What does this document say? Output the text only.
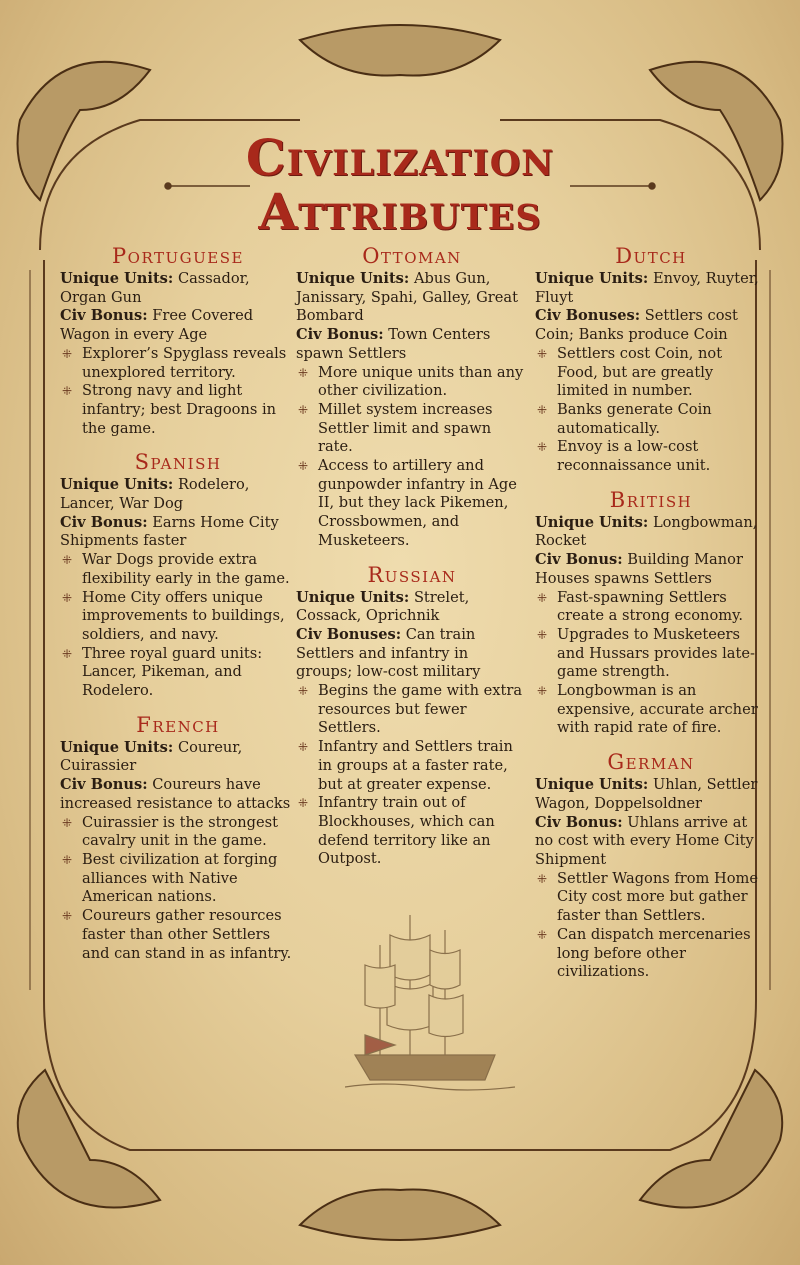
Civilization
Attributes
Portuguese

Unique Units: Cassador, Organ Gun

Civ Bonus: Free Covered Wagon in every Age

⁜ Explorer’s Spyglass reveals unexplored territory.

⁜ Strong navy and light infantry; best Dragoons in the game.

Spanish

Unique Units: Rodelero, Lancer, War Dog

Civ Bonus: Earns Home City Shipments faster

⁜ War Dogs provide extra flexibility early in the game.

⁜ Home City offers unique improvements to buildings, soldiers, and navy.

⁜ Three royal guard units: Lancer, Pikeman, and Rodelero.

French

Unique Units: Coureur, Cuirassier

Civ Bonus: Coureurs have increased resistance to attacks

⁜ Cuirassier is the strongest cavalry unit in the game.

⁜ Best civilization at forging alliances with Native American nations.

⁜ Coureurs gather resources faster than other Settlers and can stand in as infantry.

Ottoman

Unique Units: Abus Gun, Janissary, Spahi, Galley, Great Bombard

Civ Bonus: Town Centers spawn Settlers

⁜ More unique units than any other civilization.

⁜ Millet system increases Settler limit and spawn rate.

⁜ Access to artillery and gunpowder infantry in Age II, but they lack Pikemen, Crossbowmen, and Musketeers.

Russian

Unique Units: Strelet, Cossack, Oprichnik

Civ Bonuses: Can train Settlers and infantry in groups; low-cost military

⁜ Begins the game with extra resources but fewer Settlers.

⁜ Infantry and Settlers train in groups at a faster rate, but at greater expense.

⁜ Infantry train out of Blockhouses, which can defend territory like an Outpost.

Dutch

Unique Units: Envoy, Ruyter, Fluyt

Civ Bonuses: Settlers cost Coin; Banks produce Coin

⁜ Settlers cost Coin, not Food, but are greatly limited in number.

⁜ Banks generate Coin automatically.

⁜ Envoy is a low-cost reconnaissance unit.

British

Unique Units: Longbowman, Rocket

Civ Bonus: Building Manor Houses spawns Settlers

⁜ Fast-spawning Settlers create a strong economy.

⁜ Upgrades to Musketeers and Hussars provides late-game strength.

⁜ Longbowman is an expensive, accurate archer with rapid rate of fire.

German

Unique Units: Uhlan, Settler Wagon, Doppelsoldner

Civ Bonus: Uhlans arrive at no cost with every Home City Shipment

⁜ Settler Wagons from Home City cost more but gather faster than Settlers.

⁜ Can dispatch mercenaries long before other civilizations.
